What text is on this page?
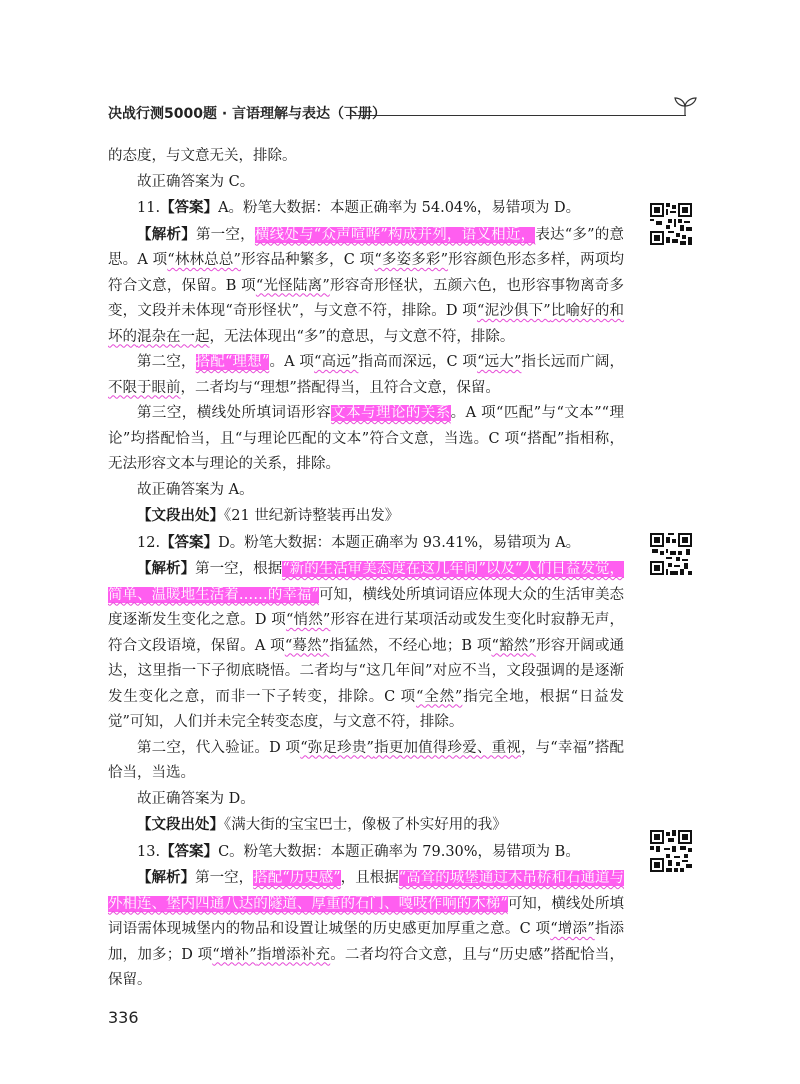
决战行测5000题 · 言语理解与表达（下册）

的态度，与文意无关，排除。

故正确答案为 C。

11.【答案】A。粉笔大数据：本题正确率为 54.04%，易错项为 D。

【解析】第一空，横线处与“众声喧哗”构成并列，语义相近，表达“多”的意思。A 项“林林总总”形容品种繁多，C 项“多姿多彩”形容颜色形态多样，两项均符合文意，保留。B 项“光怪陆离”形容奇形怪状，五颜六色，也形容事物离奇多变，文段并未体现“奇形怪状”，与文意不符，排除。D 项“泥沙俱下”比喻好的和坏的混杂在一起，无法体现出“多”的意思，与文意不符，排除。

第二空，搭配“理想”。A 项“高远”指高而深远，C 项“远大”指长远而广阔，不限于眼前，二者均与“理想”搭配得当，且符合文意，保留。

第三空，横线处所填词语形容文本与理论的关系。A 项“匹配”与“文本”“理论”均搭配恰当，且“与理论匹配的文本”符合文意，当选。C 项“搭配”指相称，无法形容文本与理论的关系，排除。

故正确答案为 A。

【文段出处】《21 世纪新诗整装再出发》

12.【答案】D。粉笔大数据：本题正确率为 93.41%，易错项为 A。

【解析】第一空，根据“新的生活审美态度在这几年间”以及“人们日益发觉，简单、温暖地生活着……的幸福”可知，横线处所填词语应体现大众的生活审美态度逐渐发生变化之意。D 项“悄然”形容在进行某项活动或发生变化时寂静无声，符合文段语境，保留。A 项“蓦然”指猛然，不经心地；B 项“豁然”形容开阔或通达，这里指一下子彻底晓悟。二者均与“这几年间”对应不当，文段强调的是逐渐发生变化之意，而非一下子转变，排除。C 项“全然”指完全地，根据“日益发觉”可知，人们并未完全转变态度，与文意不符，排除。

第二空，代入验证。D 项“弥足珍贵”指更加值得珍爱、重视，与“幸福”搭配恰当，当选。

故正确答案为 D。

【文段出处】《满大街的宝宝巴士，像极了朴实好用的我》

13.【答案】C。粉笔大数据：本题正确率为 79.30%，易错项为 B。

【解析】第一空，搭配“历史感”，且根据“高耸的城堡通过木吊桥和石通道与外相连、堡内四通八达的隧道、厚重的石门、嘎吱作响的木梯”可知，横线处所填词语需体现城堡内的物品和设置让城堡的历史感更加厚重之意。C 项“增添”指添加，加多；D 项“增补”指增添补充。二者均符合文意，且与“历史感”搭配恰当，保留。

336
